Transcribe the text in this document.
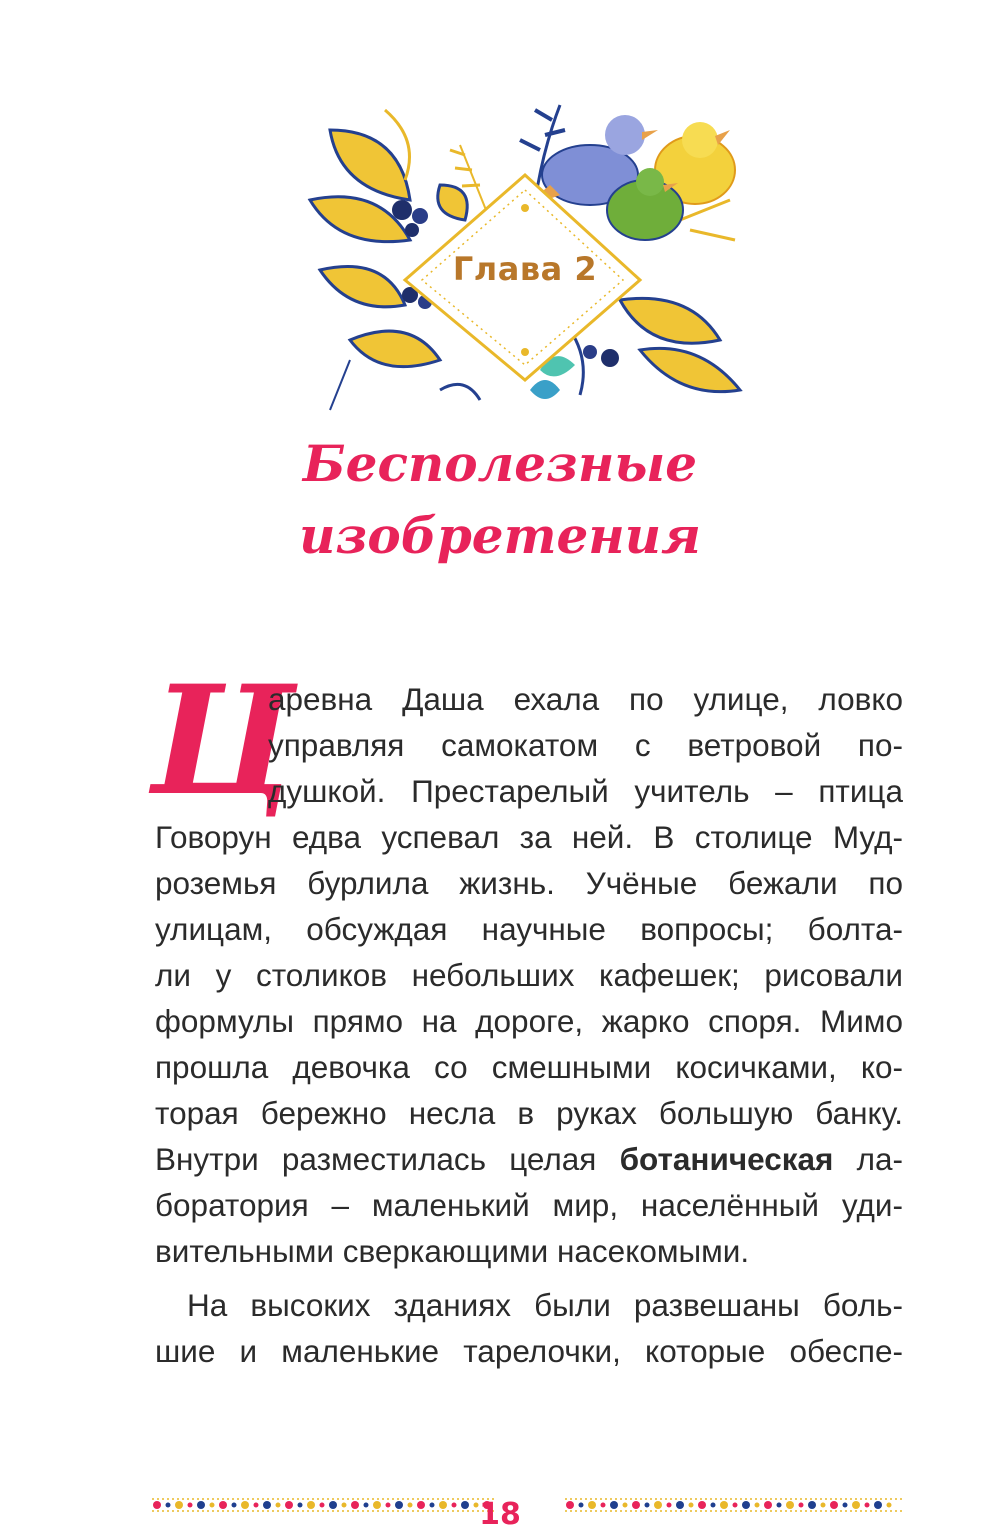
Глава 2
Бесполезные
изобретения
Ц
аревна Даша ехала по улице, ловко
управляя самокатом с ветровой по-
душкой. Престарелый учитель – птица
Говорун едва успевал за ней. В столице Муд-
роземья бурлила жизнь. Учёные бежали по
улицам, обсуждая научные вопросы; болта-
ли у столиков небольших кафешек; рисовали
формулы прямо на дороге, жарко споря. Мимо
прошла девочка со смешными косичками, ко-
торая бережно несла в руках большую банку.
Внутри разместилась целая ботаническая ла-
боратория – маленький мир, населённый уди-
вительными сверкающими насекомыми.
На высоких зданиях были развешаны боль-
шие и маленькие тарелочки, которые обеспе-
18
